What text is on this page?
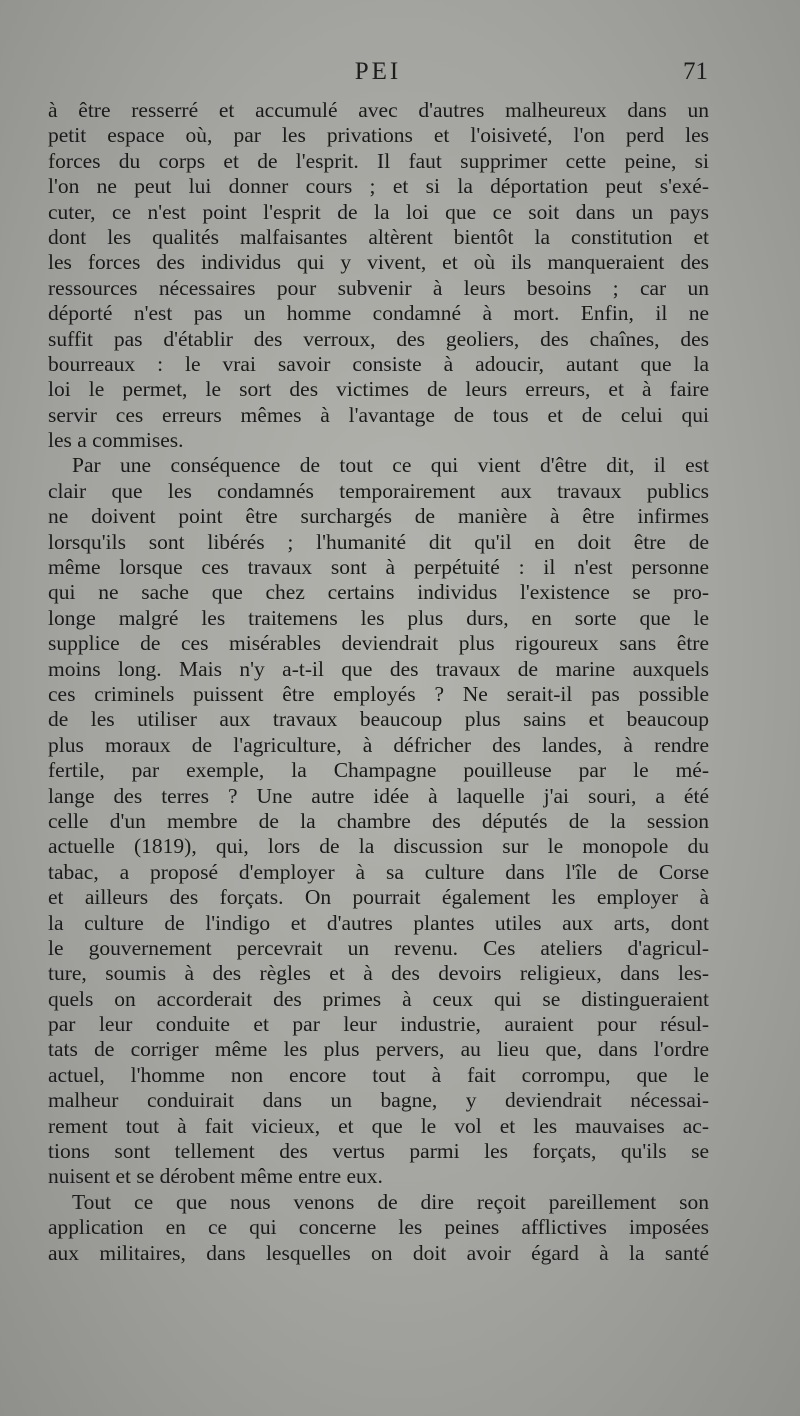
PEI	71
à être resserré et accumulé avec d'autres malheureux dans un
petit espace où, par les privations et l'oisiveté, l'on perd les
forces du corps et de l'esprit. Il faut supprimer cette peine, si
l'on ne peut lui donner cours ; et si la déportation peut s'exé-
cuter, ce n'est point l'esprit de la loi que ce soit dans un pays
dont les qualités malfaisantes altèrent bientôt la constitution et
les forces des individus qui y vivent, et où ils manqueraient des
ressources nécessaires pour subvenir à leurs besoins ; car un
déporté n'est pas un homme condamné à mort. Enfin, il ne
suffit pas d'établir des verroux, des geoliers, des chaînes, des
bourreaux : le vrai savoir consiste à adoucir, autant que la
loi le permet, le sort des victimes de leurs erreurs, et à faire
servir ces erreurs mêmes à l'avantage de tous et de celui qui
les a commises.
Par une conséquence de tout ce qui vient d'être dit, il est
clair que les condamnés temporairement aux travaux publics
ne doivent point être surchargés de manière à être infirmes
lorsqu'ils sont libérés ; l'humanité dit qu'il en doit être de
même lorsque ces travaux sont à perpétuité : il n'est personne
qui ne sache que chez certains individus l'existence se pro-
longe malgré les traitemens les plus durs, en sorte que le
supplice de ces misérables deviendrait plus rigoureux sans être
moins long. Mais n'y a-t-il que des travaux de marine auxquels
ces criminels puissent être employés ? Ne serait-il pas possible
de les utiliser aux travaux beaucoup plus sains et beaucoup
plus moraux de l'agriculture, à défricher des landes, à rendre
fertile, par exemple, la Champagne pouilleuse par le mé-
lange des terres ? Une autre idée à laquelle j'ai souri, a été
celle d'un membre de la chambre des députés de la session
actuelle (1819), qui, lors de la discussion sur le monopole du
tabac, a proposé d'employer à sa culture dans l'île de Corse
et ailleurs des forçats. On pourrait également les employer à
la culture de l'indigo et d'autres plantes utiles aux arts, dont
le gouvernement percevrait un revenu. Ces ateliers d'agricul-
ture, soumis à des règles et à des devoirs religieux, dans les-
quels on accorderait des primes à ceux qui se distingueraient
par leur conduite et par leur industrie, auraient pour résul-
tats de corriger même les plus pervers, au lieu que, dans l'ordre
actuel, l'homme non encore tout à fait corrompu, que le
malheur conduirait dans un bagne, y deviendrait nécessai-
rement tout à fait vicieux, et que le vol et les mauvaises ac-
tions sont tellement des vertus parmi les forçats, qu'ils se
nuisent et se dérobent même entre eux.
Tout ce que nous venons de dire reçoit pareillement son
application en ce qui concerne les peines afflictives imposées
aux militaires, dans lesquelles on doit avoir égard à la santé
